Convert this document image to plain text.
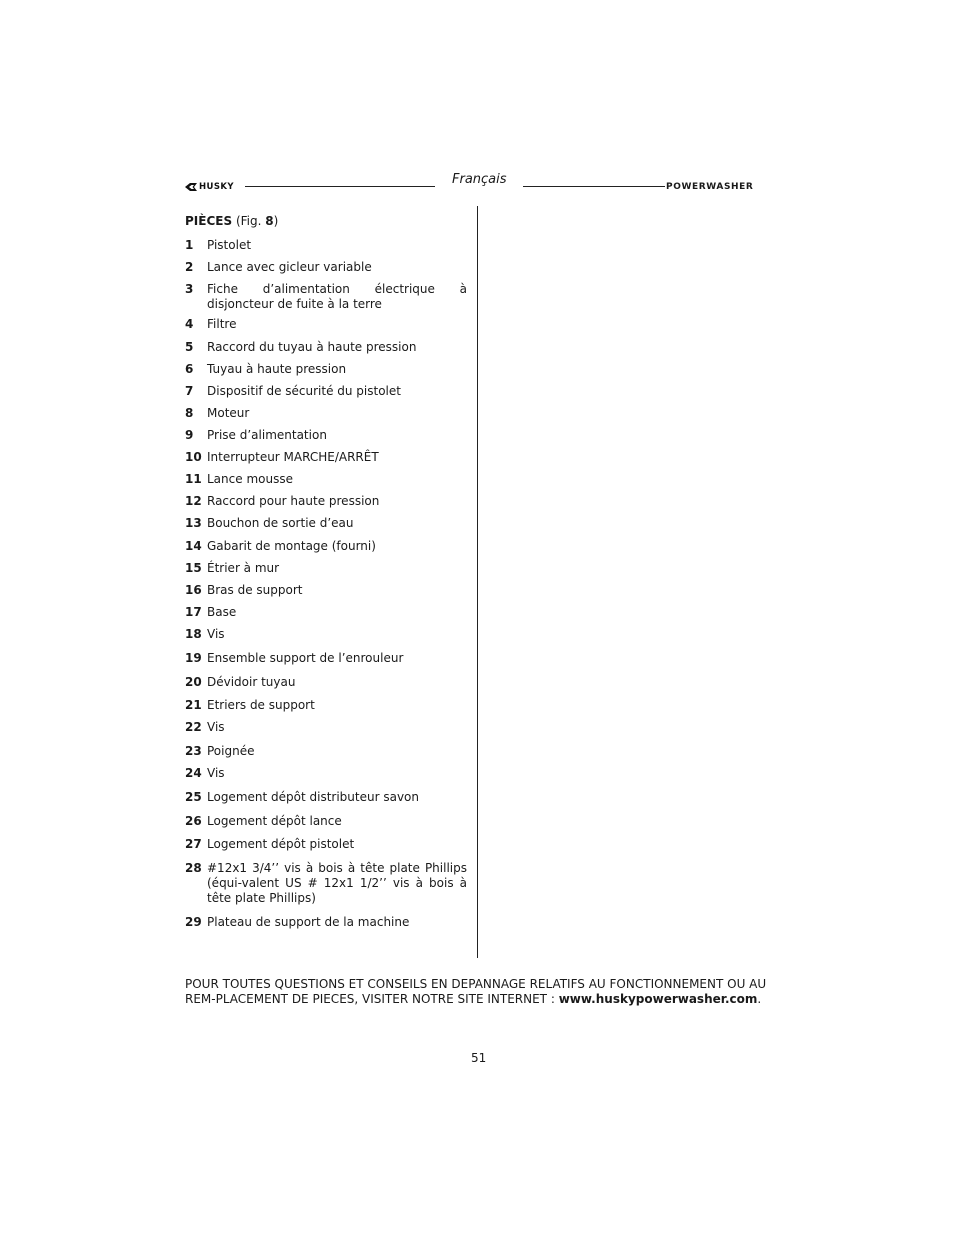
HUSKY	Français	POWERWASHER
PIÈCES (Fig. 8)
1 Pistolet
2 Lance avec gicleur variable
3 Fiche d’alimentation électrique à disjoncteur de fuite à la terre
4 Filtre
5 Raccord du tuyau à haute pression
6 Tuyau à haute pression
7 Dispositif de sécurité du pistolet
8 Moteur
9 Prise d’alimentation
10 Interrupteur MARCHE/ARRÊT
11 Lance mousse
12 Raccord pour haute pression
13 Bouchon de sortie d’eau
14 Gabarit de montage (fourni)
15 Étrier à mur
16 Bras de support
17 Base
18 Vis
19 Ensemble support de l’enrouleur
20 Dévidoir tuyau
21 Etriers de support
22 Vis
23 Poignée
24 Vis
25 Logement dépôt distributeur savon
26 Logement dépôt lance
27 Logement dépôt pistolet
28 #12x1 3/4’’ vis à bois à tête plate Phillips (équi-valent US # 12x1 1/2’’ vis à bois à tête plate Phillips)
29 Plateau de support de la machine
POUR TOUTES QUESTIONS ET CONSEILS EN DEPANNAGE RELATIFS AU FONCTIONNEMENT OU AU REM-PLACEMENT DE PIECES, VISITER NOTRE SITE INTERNET : www.huskypowerwasher.com.
51
